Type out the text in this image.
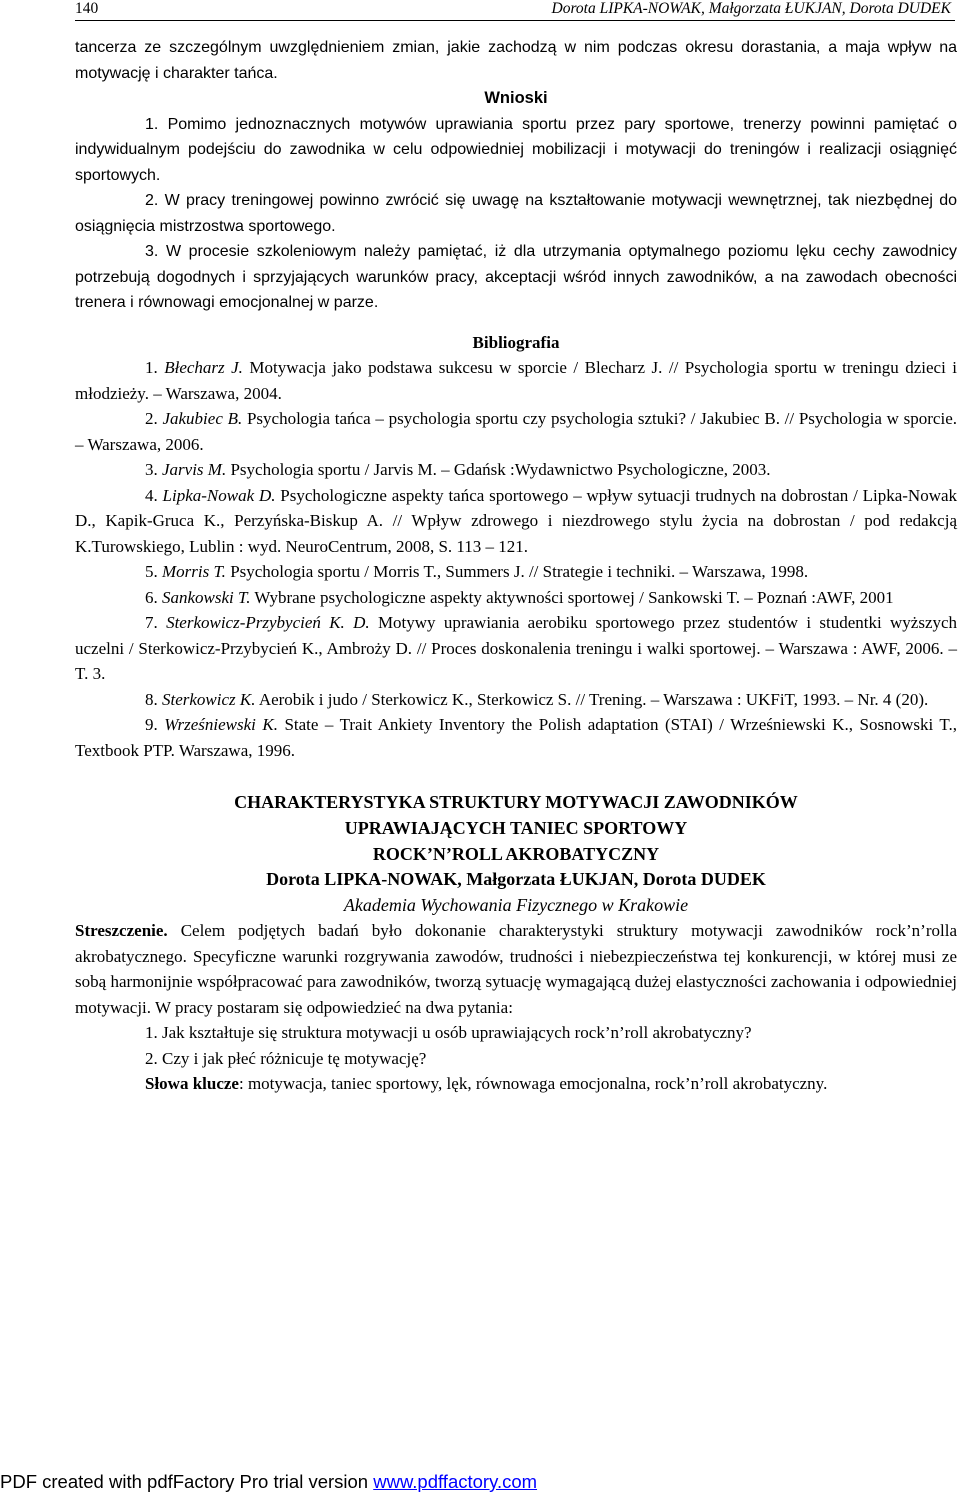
140	Dorota LIPKA-NOWAK, Małgorzata ŁUKJAN, Dorota DUDEK

tancerza ze szczególnym uwzględnieniem zmian, jakie zachodzą w nim podczas okresu dorastania, a maja wpływ na motywację i charakter tańca.

Wnioski

1. Pomimo jednoznacznych motywów uprawiania sportu przez pary sportowe, trenerzy powinni pamiętać o indywidualnym podejściu do zawodnika w celu odpowiedniej mobilizacji i motywacji do treningów i realizacji osiągnięć sportowych.

2. W pracy treningowej powinno zwrócić się uwagę na kształtowanie motywacji wewnętrznej, tak niezbędnej do osiągnięcia mistrzostwa sportowego.

3. W procesie szkoleniowym należy pamiętać, iż dla utrzymania optymalnego poziomu lęku cechy zawodnicy potrzebują dogodnych i sprzyjających warunków pracy, akceptacji wśród innych zawodników, a na zawodach obecności trenera i równowagi emocjonalnej w parze.

Bibliografia

1. Błecharz J. Motywacja jako podstawa sukcesu w sporcie / Blecharz J. // Psychologia sportu w treningu dzieci i młodzieży. – Warszawa, 2004.

2. Jakubiec B. Psychologia tańca – psychologia sportu czy psychologia sztuki? / Jakubiec B. // Psychologia w sporcie. – Warszawa, 2006.

3. Jarvis M. Psychologia sportu / Jarvis M. – Gdańsk :Wydawnictwo Psychologiczne, 2003.

4. Lipka-Nowak D. Psychologiczne aspekty tańca sportowego – wpływ sytuacji trudnych na dobrostan / Lipka-Nowak D., Kapik-Gruca K., Perzyńska-Biskup A. // Wpływ zdrowego i niezdrowego stylu życia na dobrostan / pod redakcją K.Turowskiego, Lublin : wyd. NeuroCentrum, 2008, S. 113 – 121.

5. Morris T. Psychologia sportu / Morris T., Summers J. // Strategie i techniki. – Warszawa, 1998.

6. Sankowski T. Wybrane psychologiczne aspekty aktywności sportowej / Sankowski T. – Poznań :AWF, 2001

7. Sterkowicz-Przybycień K. D. Motywy uprawiania aerobiku sportowego przez studentów i studentki wyższych uczelni / Sterkowicz-Przybycień K., Ambroży D. // Proces doskonalenia treningu i walki sportowej. – Warszawa : AWF, 2006. – T. 3.

8. Sterkowicz K. Aerobik i judo / Sterkowicz K., Sterkowicz S. // Trening. – Warszawa : UKFiT, 1993. – Nr. 4 (20).

9. Wrześniewski K. State – Trait Ankiety Inventory the Polish adaptation (STAI) / Wrześniewski K., Sosnowski T., Textbook PTP. Warszawa, 1996.

CHARAKTERYSTYKA STRUKTURY MOTYWACJI ZAWODNIKÓW
UPRAWIAJĄCYCH TANIEC SPORTOWY
ROCK’N’ROLL AKROBATYCZNY

Dorota LIPKA-NOWAK, Małgorzata ŁUKJAN, Dorota DUDEK

Akademia Wychowania Fizycznego w Krakowie

Streszczenie. Celem podjętych badań było dokonanie charakterystyki struktury motywacji zawodników rock’n’rolla akrobatycznego. Specyficzne warunki rozgrywania zawodów, trudności i niebezpieczeństwa tej konkurencji, w której musi ze sobą harmonijnie współpracować para zawodników, tworzą sytuację wymagającą dużej elastyczności zachowania i odpowiedniej motywacji. W pracy postaram się odpowiedzieć na dwa pytania:

1. Jak kształtuje się struktura motywacji u osób uprawiających rock’n’roll akrobatyczny?

2. Czy i jak płeć różnicuje tę motywację?

Słowa klucze: motywacja, taniec sportowy, lęk, równowaga emocjonalna, rock’n’roll akrobatyczny.

PDF created with pdfFactory Pro trial version www.pdffactory.com
